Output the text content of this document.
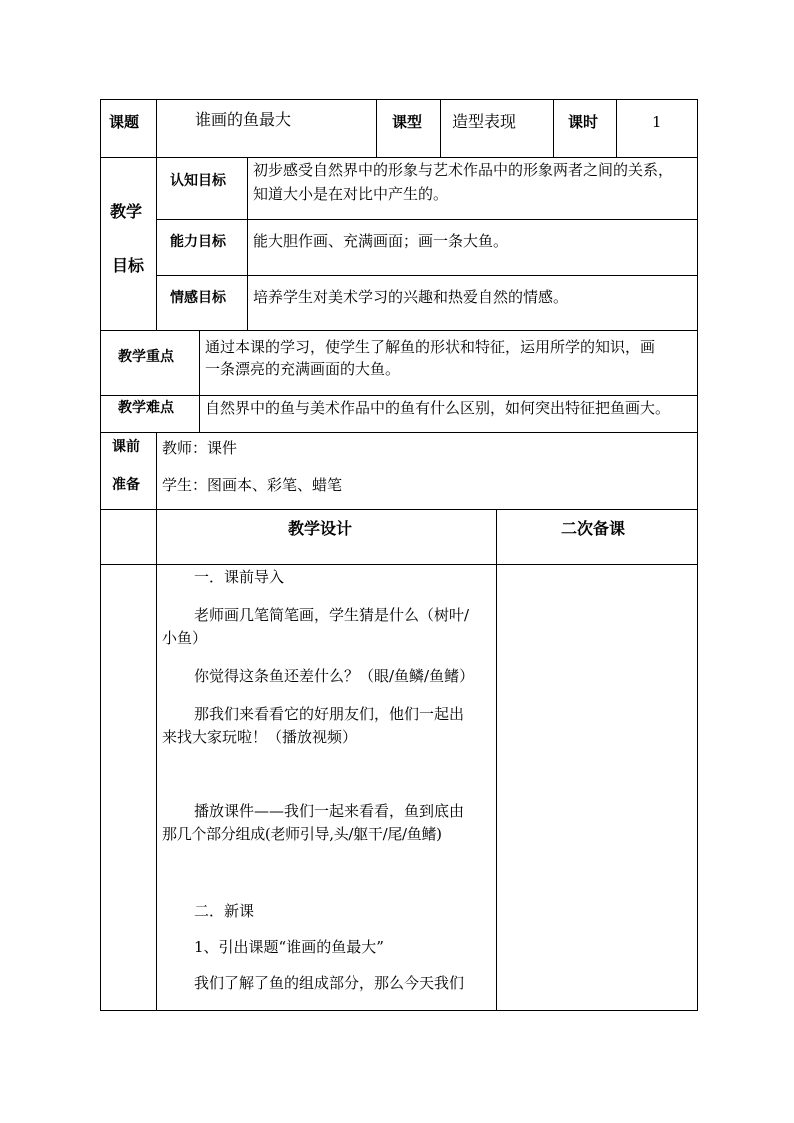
课题	谁画的鱼最大	课型 造型表现	课时	1
教学
目标
认知目标
初步感受自然界中的形象与艺术作品中的形象两者之间的关系，
知道大小是在对比中产生的。
能力目标 能大胆作画、充满画面；画一条大鱼。
情感目标 培养学生对美术学习的兴趣和热爱自然的情感。
教学重点
通过本课的学习，使学生了解鱼的形状和特征，运用所学的知识，画
一条漂亮的充满画面的大鱼。
教学难点 自然界中的鱼与美术作品中的鱼有什么区别，如何突出特征把鱼画大。
课前
准备
教师：课件
学生：图画本、彩笔、蜡笔
教学设计	二次备课
一．课前导入
老师画几笔简笔画，学生猜是什么（树叶/
小鱼）
你觉得这条鱼还差什么？（眼/鱼鳞/鱼鳍）
那我们来看看它的好朋友们，他们一起出
来找大家玩啦！（播放视频）
播放课件——我们一起来看看，鱼到底由
那几个部分组成(老师引导,头/躯干/尾/鱼鳍)
二．新课
1、引出课题“谁画的鱼最大”
我们了解了鱼的组成部分，那么今天我们
